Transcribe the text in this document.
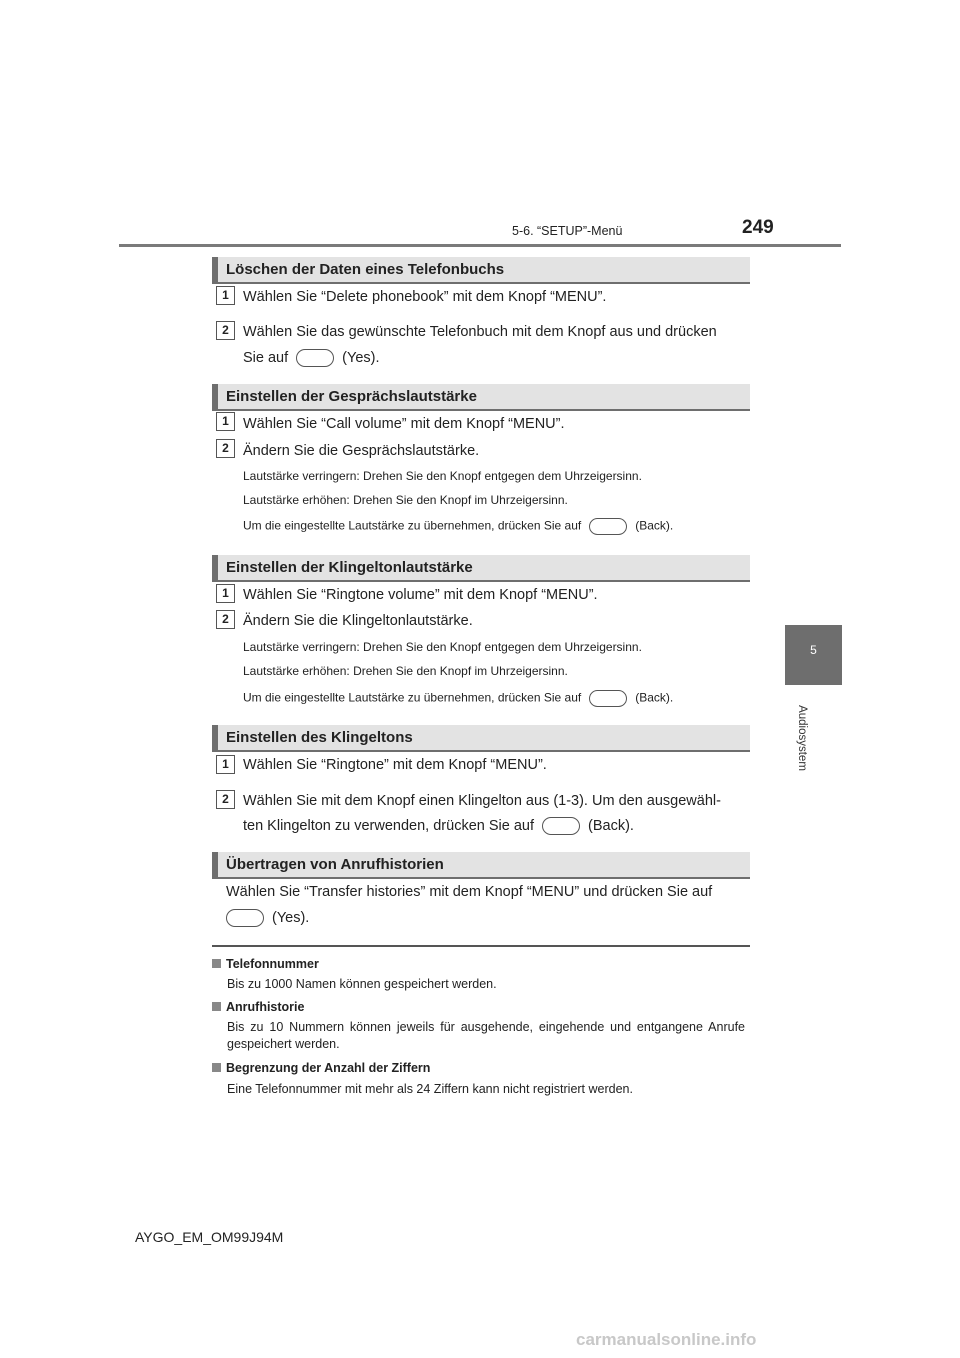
5-6. “SETUP”-Menü	249
5
Audiosystem
Löschen der Daten eines Telefonbuchs
1 Wählen Sie “Delete phonebook” mit dem Knopf “MENU”.
2 Wählen Sie das gewünschte Telefonbuch mit dem Knopf aus und drücken
Sie auf	(Yes).
Einstellen der Gesprächslautstärke
1 Wählen Sie “Call volume” mit dem Knopf “MENU”.
2 Ändern Sie die Gesprächslautstärke.
Lautstärke verringern: Drehen Sie den Knopf entgegen dem Uhrzeigersinn.
Lautstärke erhöhen: Drehen Sie den Knopf im Uhrzeigersinn.
Um die eingestellte Lautstärke zu übernehmen, drücken Sie auf	(Back).
Einstellen der Klingeltonlautstärke
1 Wählen Sie “Ringtone volume” mit dem Knopf “MENU”.
2 Ändern Sie die Klingeltonlautstärke.
Lautstärke verringern: Drehen Sie den Knopf entgegen dem Uhrzeigersinn.
Lautstärke erhöhen: Drehen Sie den Knopf im Uhrzeigersinn.
Um die eingestellte Lautstärke zu übernehmen, drücken Sie auf	(Back).
Einstellen des Klingeltons
1 Wählen Sie “Ringtone” mit dem Knopf “MENU”.
2 Wählen Sie mit dem Knopf einen Klingelton aus (1-3). Um den ausgewähl-
ten Klingelton zu verwenden, drücken Sie auf	(Back).
Übertragen von Anrufhistorien
Wählen Sie “Transfer histories” mit dem Knopf “MENU” und drücken Sie auf
(Yes).
Telefonnummer
Bis zu 1000 Namen können gespeichert werden.
Anrufhistorie
Bis zu 10 Nummern können jeweils für ausgehende, eingehende und entgangene Anrufe gespeichert werden.
Begrenzung der Anzahl der Ziffern
Eine Telefonnummer mit mehr als 24 Ziffern kann nicht registriert werden.
AYGO_EM_OM99J94M
carmanualsonline.info
